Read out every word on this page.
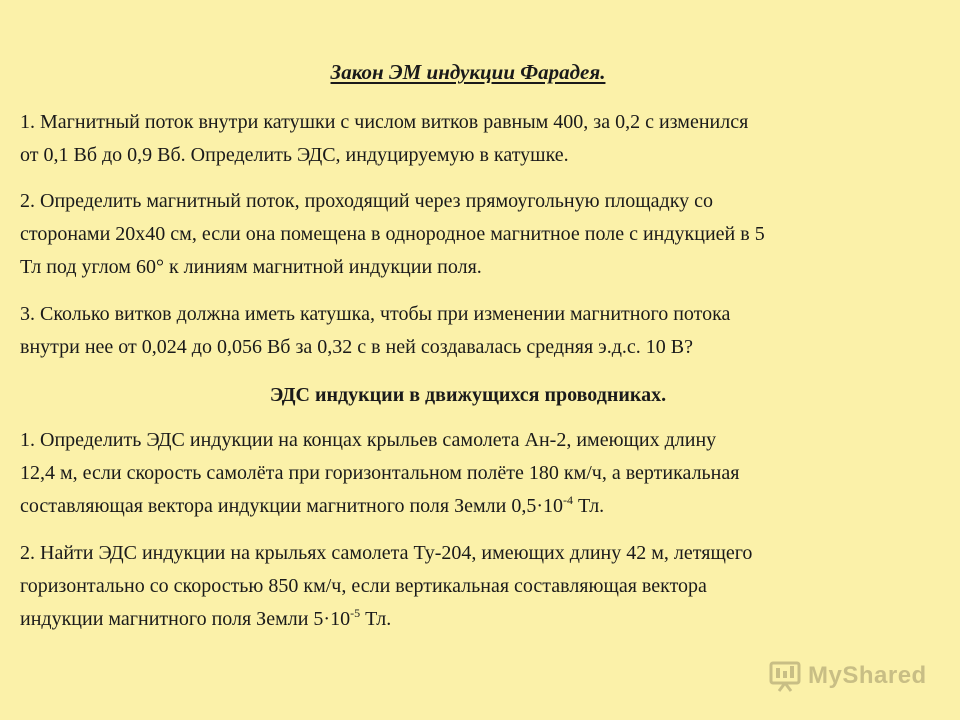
Закон ЭМ индукции Фарадея.
1. Магнитный поток внутри катушки с числом витков равным 400, за 0,2 с изменился
от 0,1 Вб до 0,9 Вб. Определить ЭДС, индуцируемую в катушке.
2. Определить магнитный поток, проходящий через прямоугольную площадку со
сторонами 20х40 см, если она помещена в однородное магнитное поле с индукцией в 5
Тл под углом 60° к линиям магнитной индукции поля.
3. Сколько витков должна иметь катушка, чтобы при изменении магнитного потока
внутри нее от 0,024 до 0,056 Вб за 0,32 с в ней создавалась средняя э.д.с. 10 В?
ЭДС индукции в движущихся проводниках.
1. Определить ЭДС индукции на концах крыльев самолета Ан-2, имеющих длину
12,4 м, если скорость самолёта при горизонтальном полёте 180 км/ч, а вертикальная
составляющая вектора индукции магнитного поля Земли $0,5\cdot 10^{-4}$ Тл.
2. Найти ЭДС индукции на крыльях самолета Ту-204, имеющих длину 42 м, летящего
горизонтально со скоростью 850 км/ч, если вертикальная составляющая вектора
индукции магнитного поля Земли $5\cdot 10^{-5}$ Тл.
MyShared
